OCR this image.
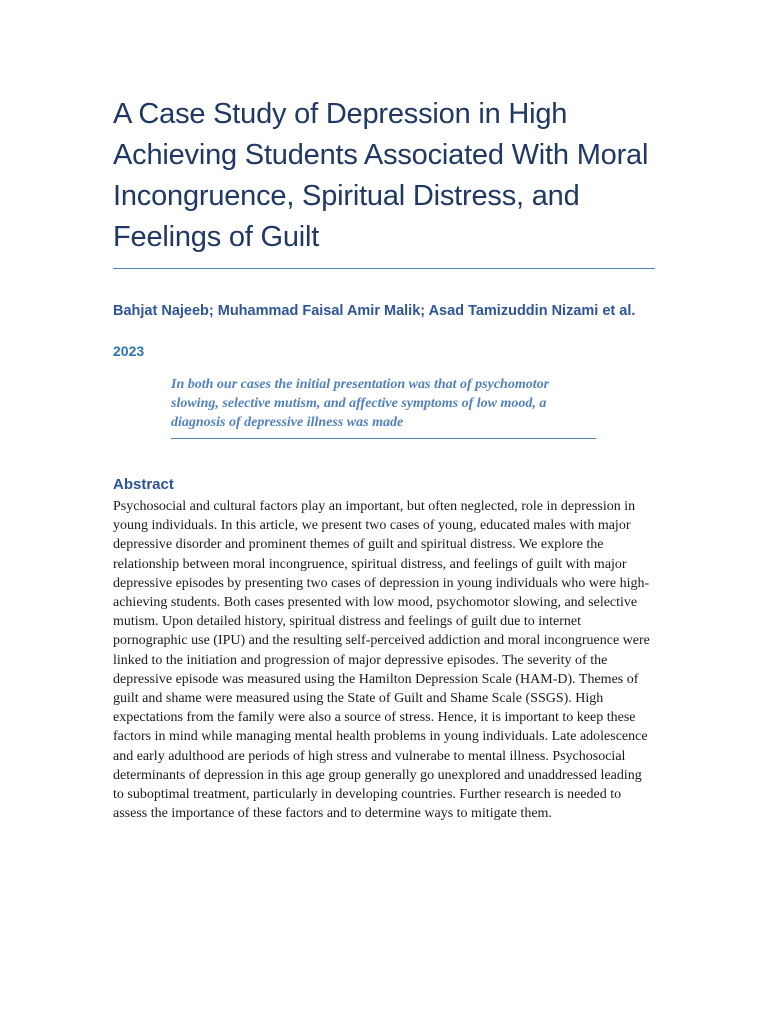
A Case Study of Depression in High Achieving Students Associated With Moral Incongruence, Spiritual Distress, and Feelings of Guilt
Bahjat Najeeb; Muhammad Faisal Amir Malik; Asad Tamizuddin Nizami et al.
2023
In both our cases the initial presentation was that of psychomotor slowing, selective mutism, and affective symptoms of low mood, a diagnosis of depressive illness was made
Abstract
Psychosocial and cultural factors play an important, but often neglected, role in depression in young individuals. In this article, we present two cases of young, educated males with major depressive disorder and prominent themes of guilt and spiritual distress. We explore the relationship between moral incongruence, spiritual distress, and feelings of guilt with major depressive episodes by presenting two cases of depression in young individuals who were high-achieving students. Both cases presented with low mood, psychomotor slowing, and selective mutism. Upon detailed history, spiritual distress and feelings of guilt due to internet pornographic use (IPU) and the resulting self-perceived addiction and moral incongruence were linked to the initiation and progression of major depressive episodes. The severity of the depressive episode was measured using the Hamilton Depression Scale (HAM-D). Themes of guilt and shame were measured using the State of Guilt and Shame Scale (SSGS). High expectations from the family were also a source of stress. Hence, it is important to keep these factors in mind while managing mental health problems in young individuals. Late adolescence and early adulthood are periods of high stress and vulnerabe to mental illness. Psychosocial determinants of depression in this age group generally go unexplored and unaddressed leading to suboptimal treatment, particularly in developing countries. Further research is needed to assess the importance of these factors and to determine ways to mitigate them.
